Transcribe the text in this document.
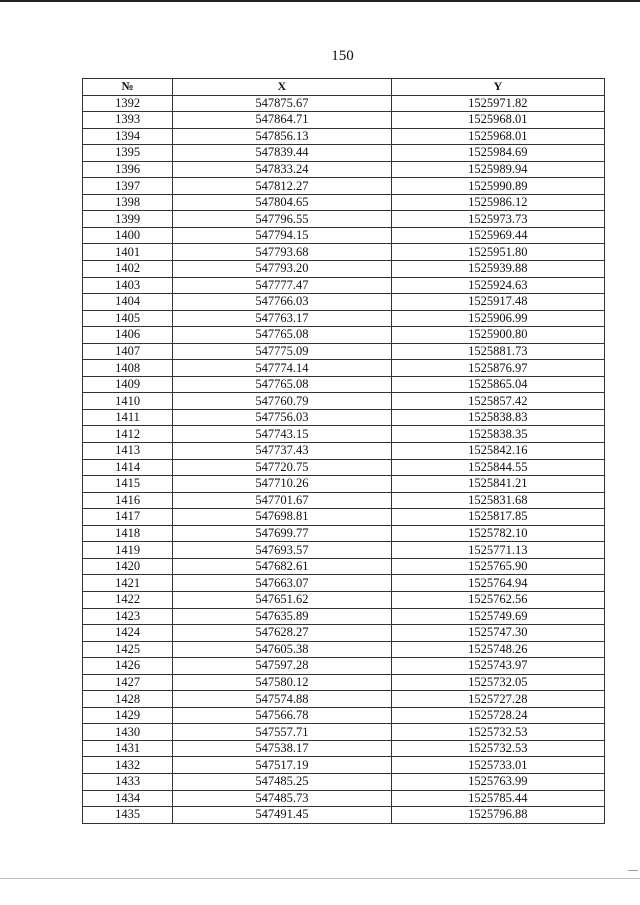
150
№	X	Y
1392	547875.67	1525971.82
1393	547864.71	1525968.01
1394	547856.13	1525968.01
1395	547839.44	1525984.69
1396	547833.24	1525989.94
1397	547812.27	1525990.89
1398	547804.65	1525986.12
1399	547796.55	1525973.73
1400	547794.15	1525969.44
1401	547793.68	1525951.80
1402	547793.20	1525939.88
1403	547777.47	1525924.63
1404	547766.03	1525917.48
1405	547763.17	1525906.99
1406	547765.08	1525900.80
1407	547775.09	1525881.73
1408	547774.14	1525876.97
1409	547765.08	1525865.04
1410	547760.79	1525857.42
1411	547756.03	1525838.83
1412	547743.15	1525838.35
1413	547737.43	1525842.16
1414	547720.75	1525844.55
1415	547710.26	1525841.21
1416	547701.67	1525831.68
1417	547698.81	1525817.85
1418	547699.77	1525782.10
1419	547693.57	1525771.13
1420	547682.61	1525765.90
1421	547663.07	1525764.94
1422	547651.62	1525762.56
1423	547635.89	1525749.69
1424	547628.27	1525747.30
1425	547605.38	1525748.26
1426	547597.28	1525743.97
1427	547580.12	1525732.05
1428	547574.88	1525727.28
1429	547566.78	1525728.24
1430	547557.71	1525732.53
1431	547538.17	1525732.53
1432	547517.19	1525733.01
1433	547485.25	1525763.99
1434	547485.73	1525785.44
1435	547491.45	1525796.88
